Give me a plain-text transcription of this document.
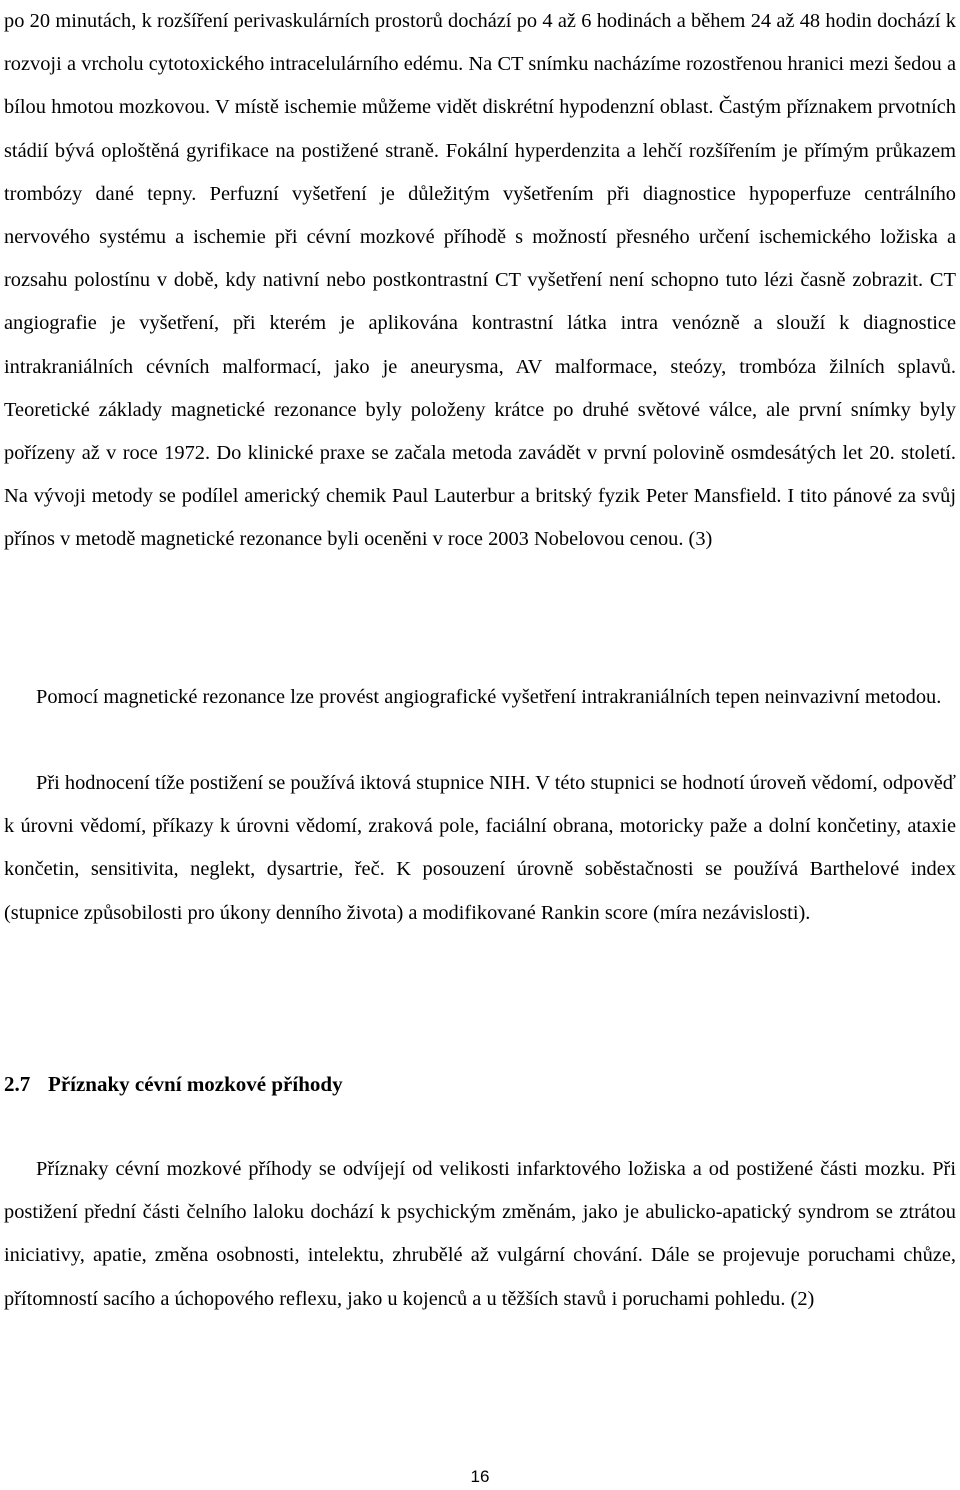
po 20 minutách, k rozšíření perivaskulárních prostorů dochází po 4 až 6 hodinách a během 24 až 48 hodin dochází k rozvoji a vrcholu cytotoxického intracelulárního edému. Na CT snímku nacházíme rozostřenou hranici mezi šedou a bílou hmotou mozkovou. V místě ischemie můžeme vidět diskrétní hypodenzní oblast. Častým příznakem prvotních stádií bývá oploštěná gyrifikace na postižené straně. Fokální hyperdenzita a lehčí rozšířením je přímým průkazem trombózy dané tepny. Perfuzní vyšetření je důležitým vyšetřením při diagnostice hypoperfuze centrálního nervového systému a ischemie při cévní mozkové příhodě s možností přesného určení ischemického ložiska a rozsahu polostínu v době, kdy nativní nebo postkontrastní CT vyšetření není schopno tuto lézi časně zobrazit. CT angiografie je vyšetření, při kterém je aplikována kontrastní látka intra venózně a slouží k diagnostice intrakraniálních cévních malformací, jako je aneurysma, AV malformace, steózy, trombóza žilních splavů. Teoretické základy magnetické rezonance byly položeny krátce po druhé světové válce, ale první snímky byly pořízeny až v roce 1972. Do klinické praxe se začala metoda zavádět v první polovině osmdesátých let 20. století. Na vývoji metody se podílel americký chemik Paul Lauterbur a britský fyzik Peter Mansfield. I tito pánové za svůj přínos v metodě magnetické rezonance byli oceněni v roce 2003 Nobelovou cenou. (3)

Pomocí magnetické rezonance lze provést angiografické vyšetření intrakraniálních tepen neinvazivní metodou.

Při hodnocení tíže postižení se používá iktová stupnice NIH. V této stupnici se hodnotí úroveň vědomí, odpověď k úrovni vědomí, příkazy k úrovni vědomí, zraková pole, faciální obrana, motoricky paže a dolní končetiny, ataxie končetin, sensitivita, neglekt, dysartrie, řeč. K posouzení úrovně soběstačnosti se používá Barthelové index (stupnice způsobilosti pro úkony denního života) a modifikované Rankin score (míra nezávislosti).

2.7 Příznaky cévní mozkové příhody

Příznaky cévní mozkové příhody se odvíjejí od velikosti infarktového ložiska a od postižené části mozku. Při postižení přední části čelního laloku dochází k psychickým změnám, jako je abulicko-apatický syndrom se ztrátou iniciativy, apatie, změna osobnosti, intelektu, zhrubělé až vulgární chování. Dále se projevuje poruchami chůze, přítomností sacího a úchopového reflexu, jako u kojenců a u těžších stavů i poruchami pohledu. (2)

16
